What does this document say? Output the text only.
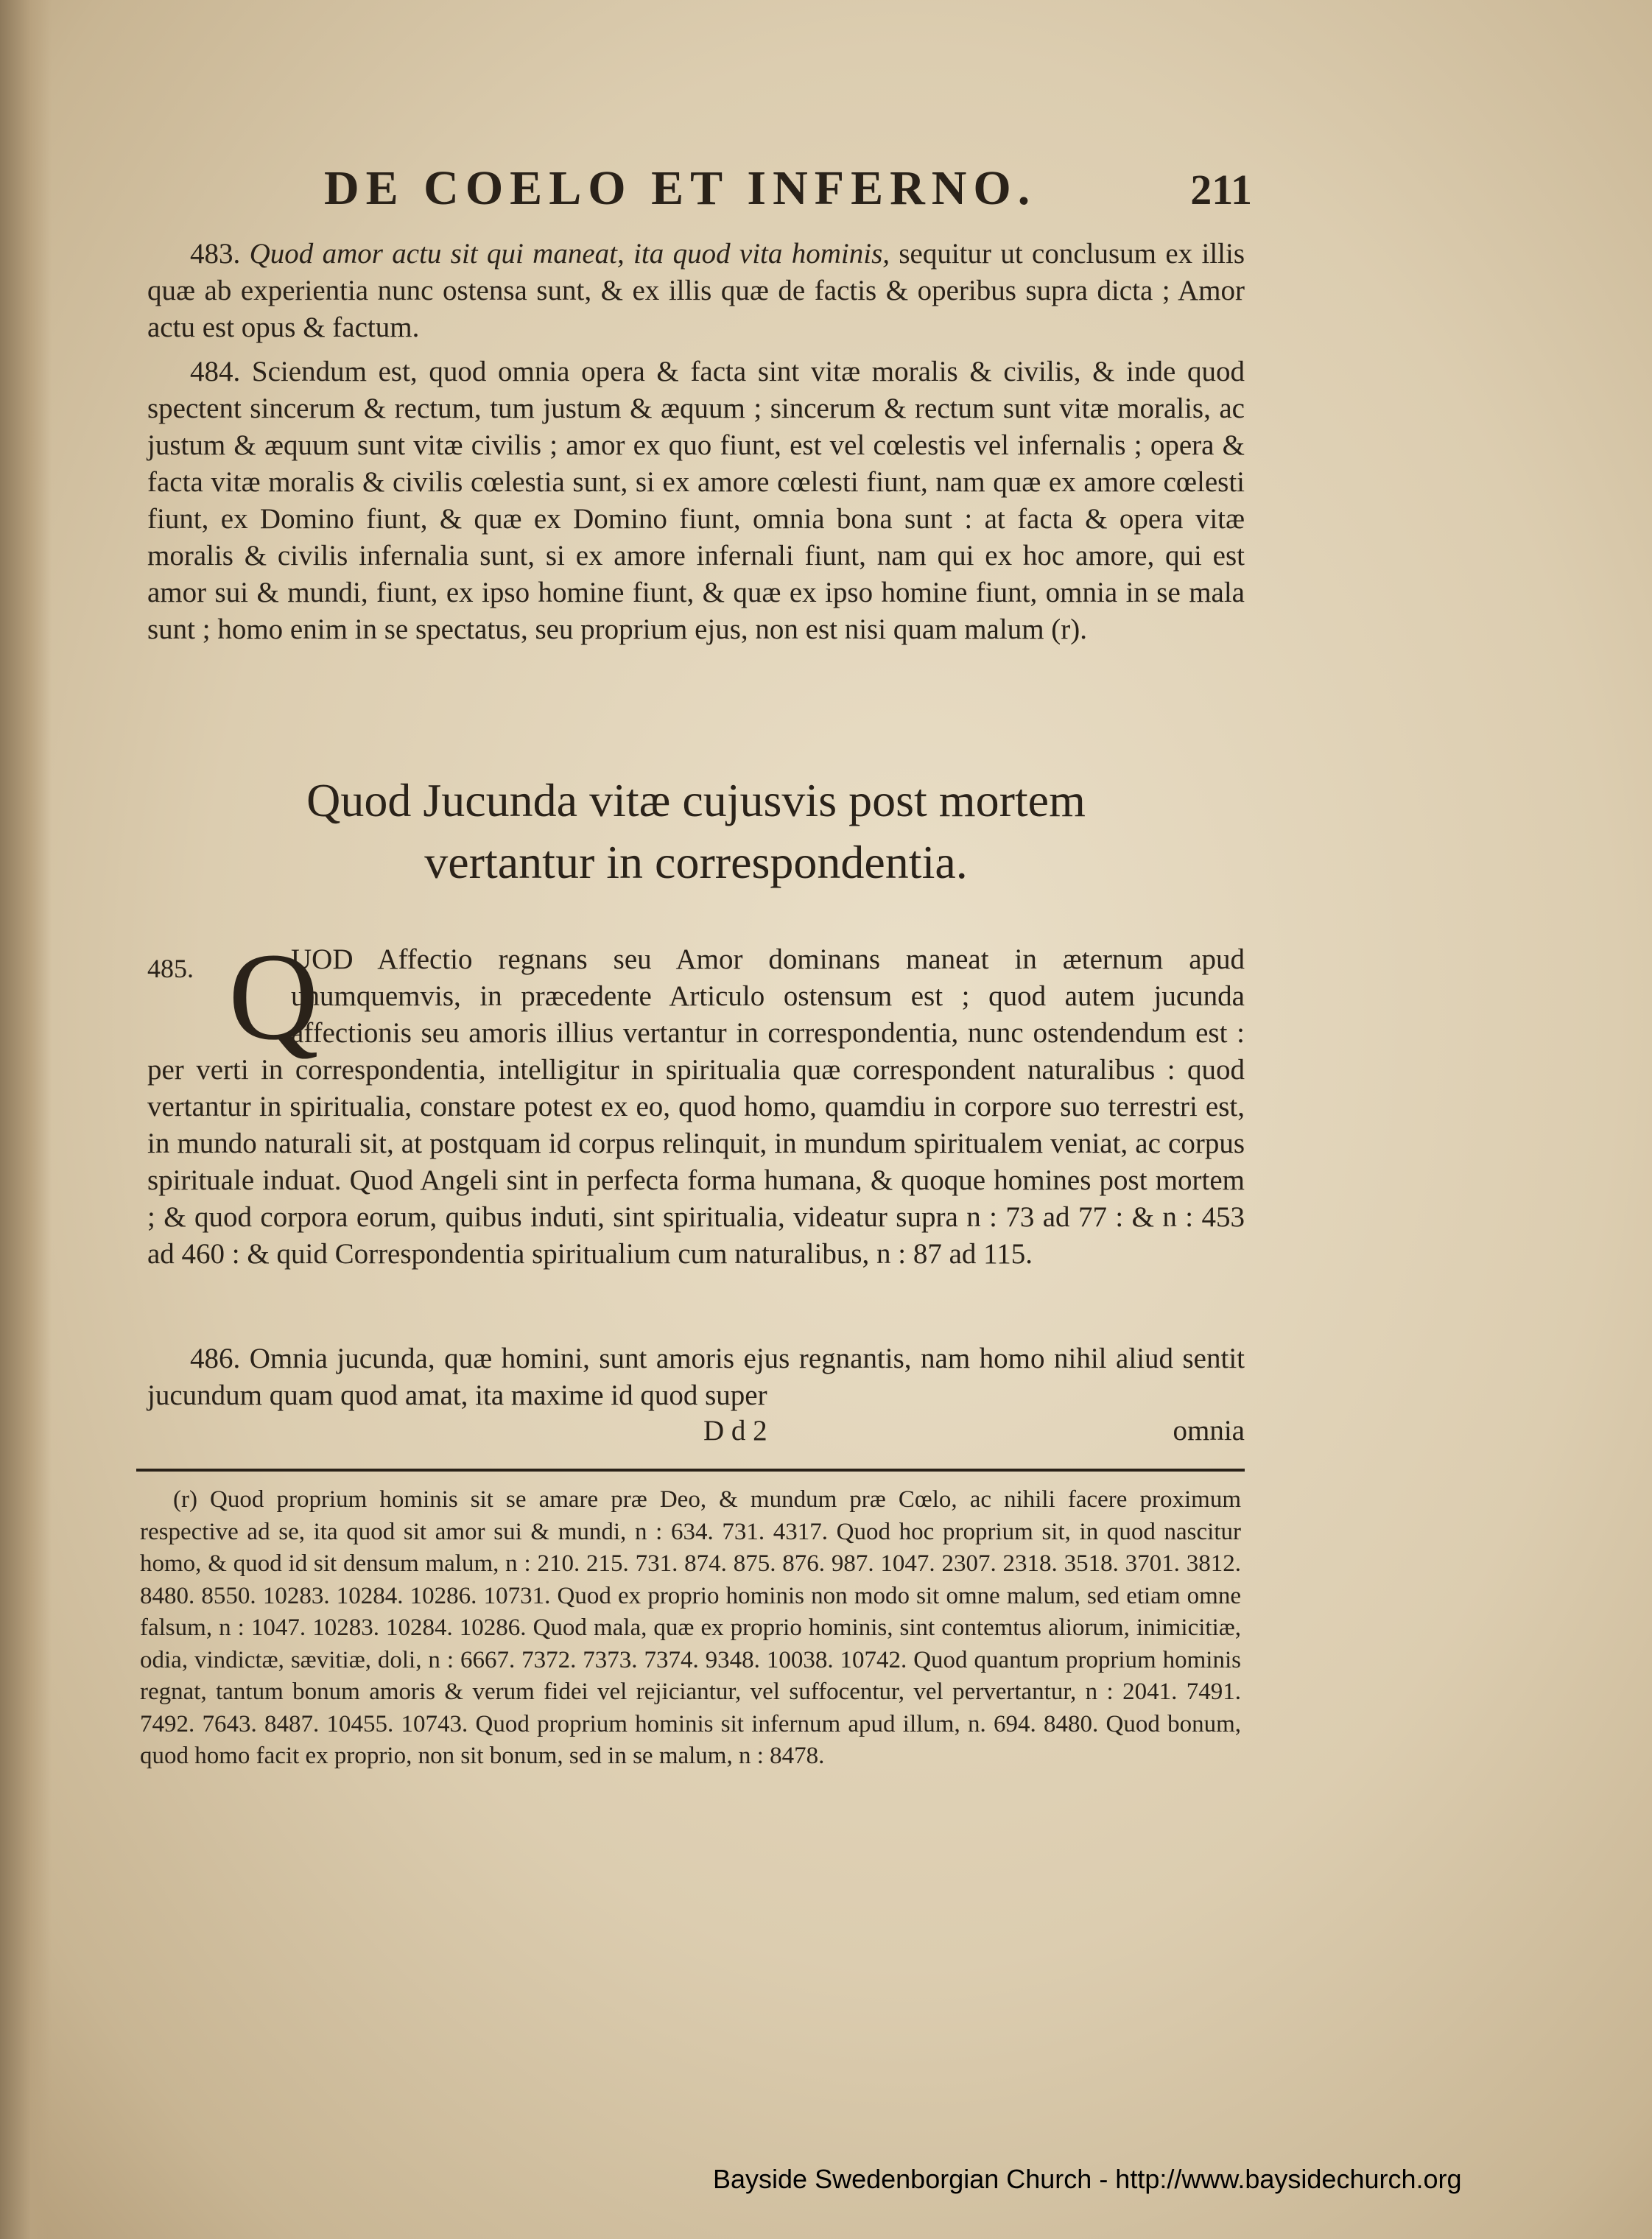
DE COELO ET INFERNO.	211

483. Quod amor actu sit qui maneat, ita quod vita hominis, sequitur ut conclusum ex illis quæ ab experientia nunc ostensa sunt, & ex illis quæ de factis & operibus supra dicta ; Amor actu est opus & factum.

484. Sciendum est, quod omnia opera & facta sint vitæ moralis & civilis, & inde quod spectent sincerum & rectum, tum justum & æquum ; sincerum & rectum sunt vitæ moralis, ac justum & æquum sunt vitæ civilis ; amor ex quo fiunt, est vel cœlestis vel infernalis ; opera & facta vitæ moralis & civilis cœlestia sunt, si ex amore cœlesti fiunt, nam quæ ex amore cœlesti fiunt, ex Domino fiunt, & quæ ex Domino fiunt, omnia bona sunt : at facta & opera vitæ moralis & civilis infernalia sunt, si ex amore infernali fiunt, nam qui ex hoc amore, qui est amor sui & mundi, fiunt, ex ipso homine fiunt, & quæ ex ipso homine fiunt, omnia in se mala sunt ; homo enim in se spectatus, seu proprium ejus, non est nisi quam malum (r).

Quod Jucunda vitæ cujusvis post mortem
vertantur in correspondentia.
485. Q

UOD Affectio regnans seu Amor dominans maneat in æternum apud unumquemvis, in præcedente Articulo ostensum est ; quod autem jucunda affectionis seu amoris illius vertantur in correspondentia, nunc ostendendum est : per verti in correspondentia, intelligitur in spiritualia quæ correspondent naturalibus : quod vertantur in spiritualia, constare potest ex eo, quod homo, quamdiu in corpore suo terrestri est, in mundo naturali sit, at postquam id corpus relinquit, in mundum spiritualem veniat, ac corpus spirituale induat. Quod Angeli sint in perfecta forma humana, & quoque homines post mortem ; & quod corpora eorum, quibus induti, sint spiritualia, videatur supra n : 73 ad 77 : & n : 453 ad 460 : & quid Correspondentia spiritualium cum naturalibus, n : 87 ad 115.

486. Omnia jucunda, quæ homini, sunt amoris ejus regnantis, nam homo nihil aliud sentit jucundum quam quod amat, ita maxime id quod super

D d 2	omnia

(r) Quod proprium hominis sit se amare præ Deo, & mundum præ Cœlo, ac nihili facere proximum respective ad se, ita quod sit amor sui & mundi, n : 634. 731. 4317. Quod hoc proprium sit, in quod nascitur homo, & quod id sit densum malum, n : 210. 215. 731. 874. 875. 876. 987. 1047. 2307. 2318. 3518. 3701. 3812. 8480. 8550. 10283. 10284. 10286. 10731. Quod ex proprio hominis non modo sit omne malum, sed etiam omne falsum, n : 1047. 10283. 10284. 10286. Quod mala, quæ ex proprio hominis, sint contemtus aliorum, inimicitiæ, odia, vindictæ, sævitiæ, doli, n : 6667. 7372. 7373. 7374. 9348. 10038. 10742. Quod quantum proprium hominis regnat, tantum bonum amoris & verum fidei vel rejiciantur, vel suffocentur, vel pervertantur, n : 2041. 7491. 7492. 7643. 8487. 10455. 10743. Quod proprium hominis sit infernum apud illum, n. 694. 8480. Quod bonum, quod homo facit ex proprio, non sit bonum, sed in se malum, n : 8478.

Bayside Swedenborgian Church - http://www.baysidechurch.org
